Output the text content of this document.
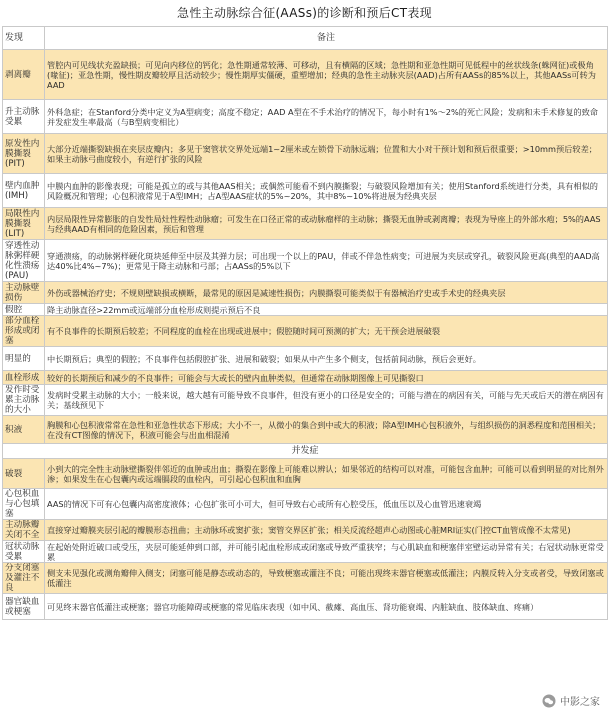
急性主动脉综合征(AASs)的诊断和预后CT表现
发现	备注
剥离瓣	管腔内可见线状充盈缺损；可见向内移位的钙化；急性期通常较薄、可移动，且有横隔的区域；急性期和亚急性期可见低程中的丝状线条(蛛网征)或极角(喙征)；亚急性期，慢性期皮瓣较厚且活动较少；慢性期厚实僵硬，重塑增加；经典的急性主动脉夹层(AAD)占所有AASs的85%以上，其他AASs可转为AAD
升主动脉受累	外科急症；在Stanford分类中定义为A型病变；高度不稳定；AAD A型在不手术治疗的情况下，每小时有1%～2%的死亡风险；发病和未手术修复的致命并发症发生率最高（与B型病变相比）
原发性内膜撕裂(PIT)	大部分近端撕裂缺损在夹层皮瓣内；多见于窦管状交界处远端1~2厘米或左锁骨下动脉远端；位置和大小对干预计划和预后很重要；>10mm预后较差；如果主动脉弓曲度较小，有逆行扩张的风险
壁内血肿(IMH)	中膜内血肿的影像表现；可能是孤立的或与其他AAS相关；或偶然可能看不到内膜撕裂；与破裂风险增加有关；使用Stanford系统进行分类，具有相似的风险概况和管理；心包积液常见于A型IMH；占A型AAS症状的5%~20%，其中8%~10%将进展为经典夹层
局限性内膜撕裂(LIT)	内层局限性异常膨胀的自发性局灶性程性动脉瘤；可发生在口径正常的或动脉瘤样的主动脉；撕裂无血肿或剥离瓣；表现为导座上的外部水疱；5%的AAS与经典AAD有相同的危险因素，预后和管理
穿透性动脉粥样硬化性溃疡(PAU)	穿通溃疡，的动脉粥样硬化斑块延伸至中层及其弹力层；可出现一个以上的PAU，伴或不伴急性病变；可进展为夹层或穿孔，破裂风险更高(典型的AAD高达40%比4%~7%)；更常见于降主动脉和弓部；占AASs的5%以下
主动脉壁损伤	外伤或器械治疗史；不规则壁缺损或横断，最常见的原因是减速性损伤；内膜撕裂可能类似于有器械治疗史或手术史的经典夹层
假腔	降主动脉直径>22mm或远端部分血栓形成则提示预后不良
部分血栓形成或闭塞	有不良事件的长期预后较差；不同程度的血栓在出现或进展中；假腔随时间可预测的扩大；无干预会进展破裂
明显的	中长期预后；典型的假腔；不良事件包括假腔扩张、进展和破裂；如果从中产生多个侧支，包括前间动脉，预后会更好。
血栓形成	较好的长期预后和减少的不良事件；可能会与大或长的壁内血肿类似，但通常在动脉期图像上可见撕裂口
发作时受累主动脉的大小	发病时受累主动脉的大小；一般来说，越大越有可能导致不良事件，但没有更小的口径是安全的；可能与潜在的病因有关，可能与先天或后天的潜在病因有关；基线预见下
积液	胸膜和心包积液常常在急性和亚急性状态下形成；大小不一，从微小的集合到中或大的积液；除A型IMH心包积液外，与组织损伤的洞悉程度和范围相关；在没有CT图像的情况下，积液可能会与出血相混淆
并发症	
破裂	小到大的完全性主动脉壁撕裂伴邻近的血肿或出血；撕裂在影像上可能难以辨认；如果邻近的结构可以对准，可能包含血肿；可能可以看到明显的对比剂外渗；如果发生在心包囊内或远端膈段的血栓内，可引起心包积血和血胸
心包积血与心包填塞	AAS的情况下可有心包囊内高密度液体；心包扩张可小可大，但可导致右心或所有心腔受压，低血压以及心血管迅速衰竭
主动脉瓣关闭不全	直接穿过瓣膜夹层引起的瓣膜形态扭曲；主动脉环或窦扩张；窦管交界区扩张；相关反流经超声心动图或心脏MRI证实(门控CT血管成像不太常见)
冠状动脉受累	在起始处附近破口或受压，夹层可能延伸到口部，并可能引起血栓形成或闭塞或导致严重狭窄；与心肌缺血和梗塞伴室壁运动异常有关；右冠状动脉更常受累
分支闭塞及灌注不良	侧支未见强化或测角瓣伸入侧支；闭塞可能是静态或动态的，导致梗塞或灌注不良；可能出现终末器官梗塞或低灌注；内膜反转入分支或者受，导致闭塞或低灌注
器官缺血或梗塞	可见终末器官低灌注或梗塞；器官功能障碍或梗塞的常见临床表现（如中风、截瘫、高血压、肾功能衰竭、内脏缺血、肢体缺血、疼痛）
中影之家
